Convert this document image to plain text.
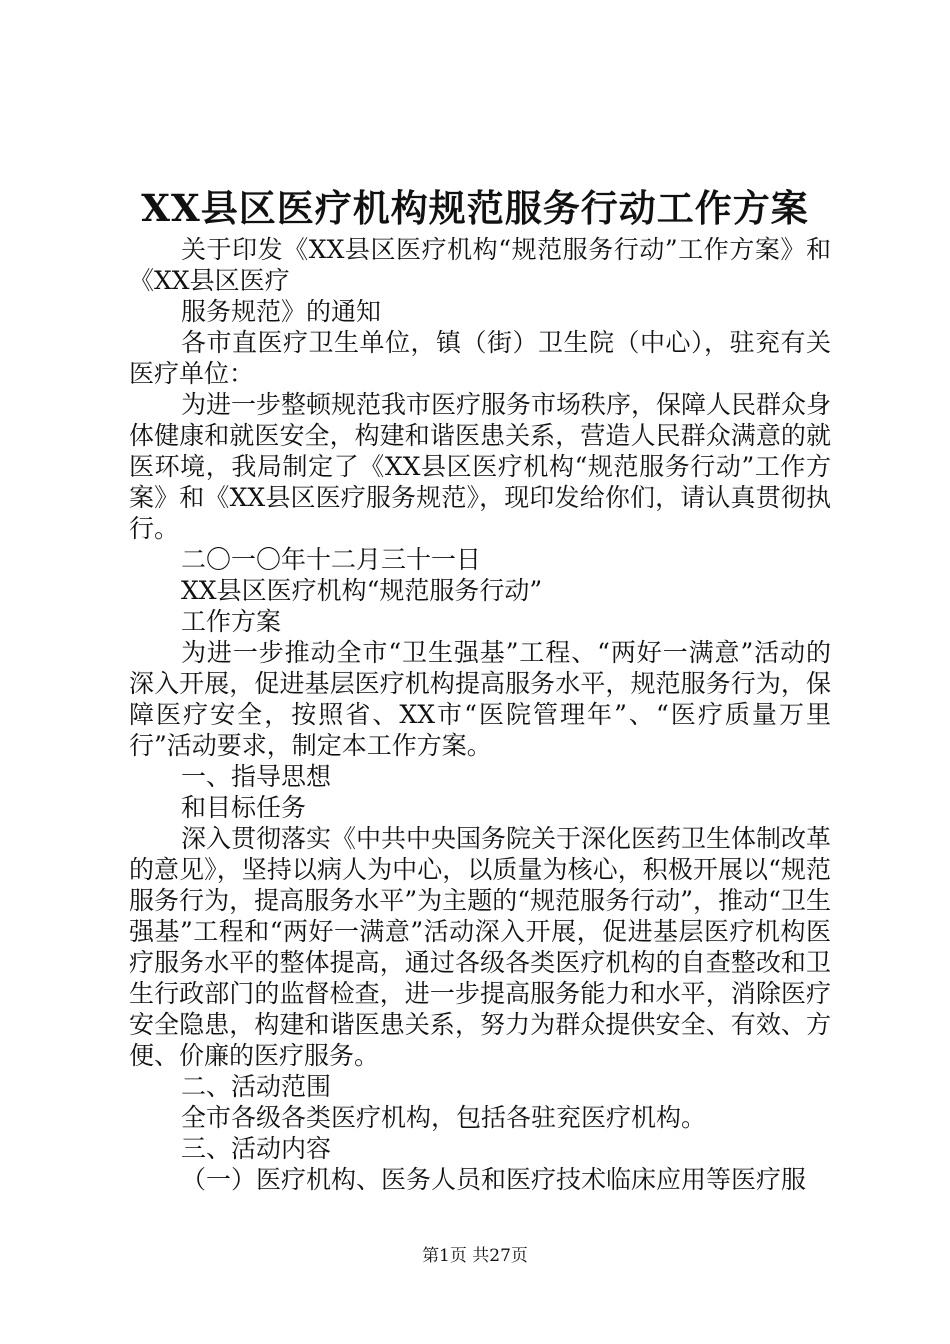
XX县区医疗机构规范服务行动工作方案

关于印发《XX县区医疗机构“规范服务行动”工作方案》和《XX县区医疗

服务规范》的通知

各市直医疗卫生单位，镇（街）卫生院（中心），驻兖有关医疗单位：

为进一步整顿规范我市医疗服务市场秩序，保障人民群众身体健康和就医安全，构建和谐医患关系，营造人民群众满意的就医环境，我局制定了《XX县区医疗机构“规范服务行动”工作方案》和《XX县区医疗服务规范》，现印发给你们，请认真贯彻执行。

二〇一〇年十二月三十一日

XX县区医疗机构“规范服务行动”

工作方案

为进一步推动全市“卫生强基”工程、“两好一满意”活动的深入开展，促进基层医疗机构提高服务水平，规范服务行为，保障医疗安全，按照省、XX市“医院管理年”、“医疗质量万里行”活动要求，制定本工作方案。

一、指导思想

和目标任务

深入贯彻落实《中共中央国务院关于深化医药卫生体制改革的意见》，坚持以病人为中心，以质量为核心，积极开展以“规范服务行为，提高服务水平”为主题的“规范服务行动”，推动“卫生强基”工程和“两好一满意”活动深入开展，促进基层医疗机构医疗服务水平的整体提高，通过各级各类医疗机构的自查整改和卫生行政部门的监督检查，进一步提高服务能力和水平，消除医疗安全隐患，构建和谐医患关系，努力为群众提供安全、有效、方便、价廉的医疗服务。

二、活动范围

全市各级各类医疗机构，包括各驻兖医疗机构。

三、活动内容

（一）医疗机构、医务人员和医疗技术临床应用等医疗服

第1页 共27页
